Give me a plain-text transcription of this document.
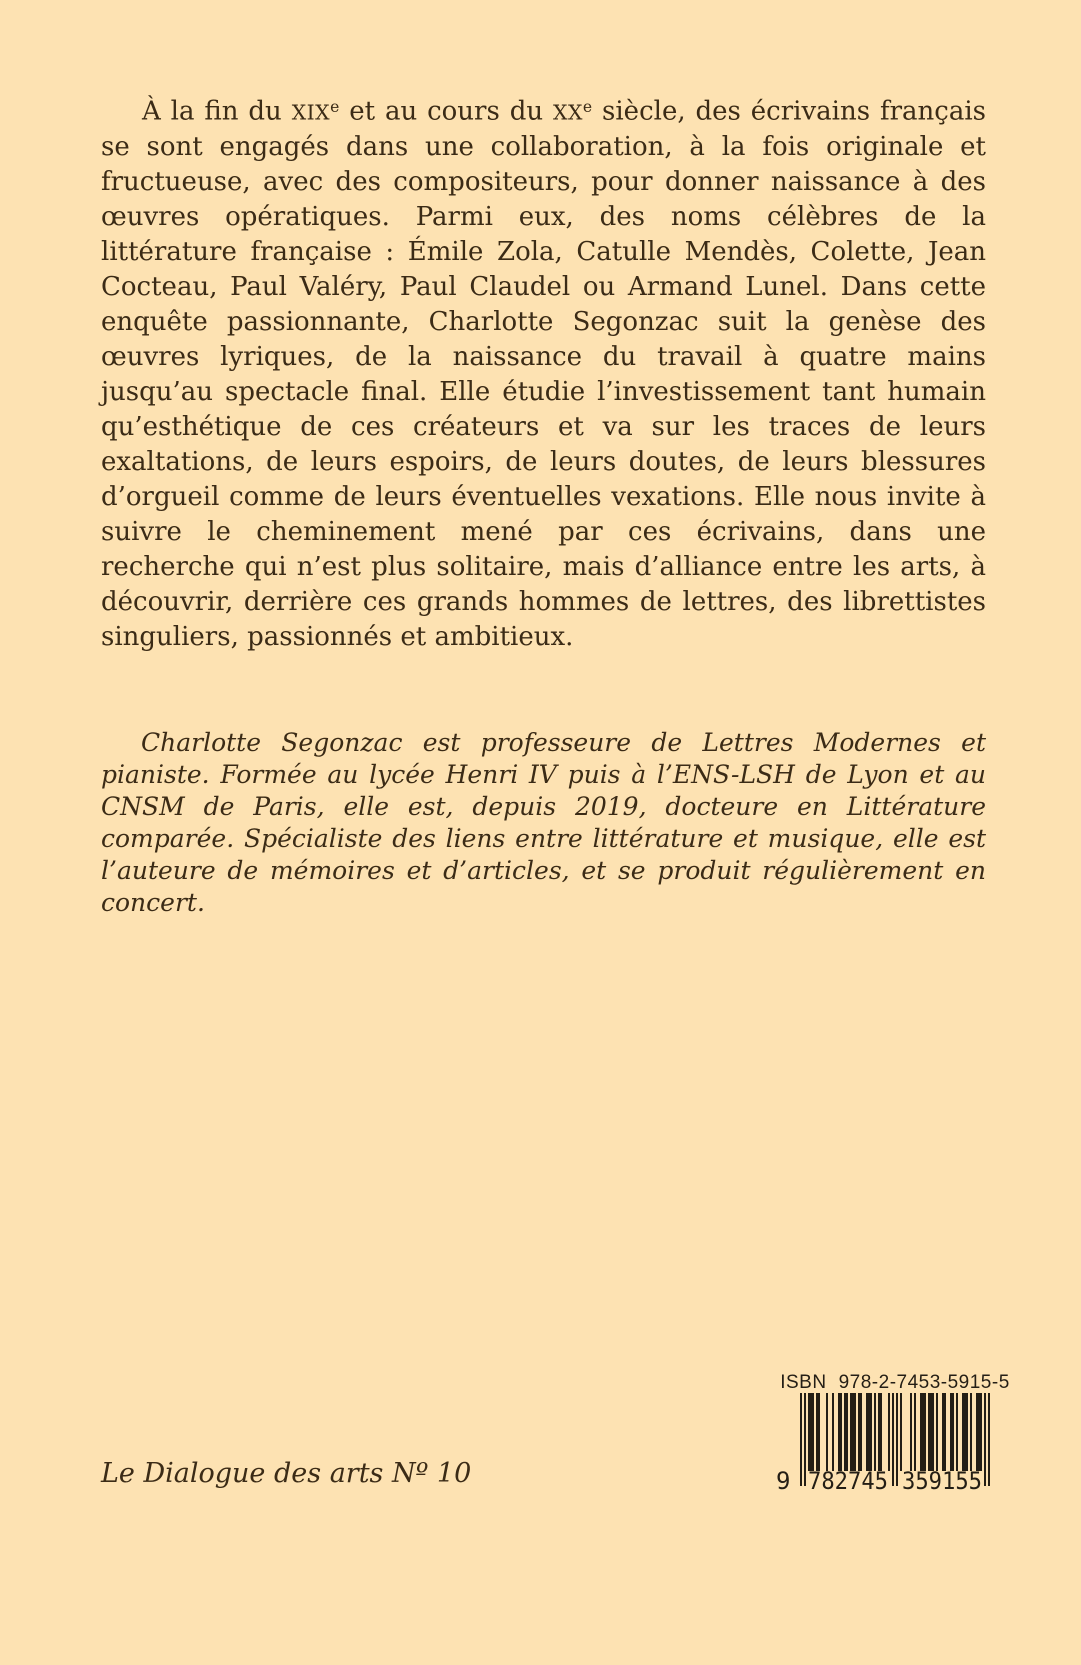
À la fin du XIXe et au cours du XXe siècle, des écrivains français se sont engagés dans une collaboration, à la fois originale et fructueuse, avec des compositeurs, pour donner naissance à des œuvres opératiques. Parmi eux, des noms célèbres de la littérature française : Émile Zola, Catulle Mendès, Colette, Jean Cocteau, Paul Valéry, Paul Claudel ou Armand Lunel. Dans cette enquête passionnante, Charlotte Segonzac suit la genèse des œuvres lyriques, de la naissance du travail à quatre mains jusqu’au spectacle final. Elle étudie l’investissement tant humain qu’esthétique de ces créateurs et va sur les traces de leurs exaltations, de leurs espoirs, de leurs doutes, de leurs blessures d’orgueil comme de leurs éventuelles vexations. Elle nous invite à suivre le cheminement mené par ces écrivains, dans une recherche qui n’est plus solitaire, mais d’alliance entre les arts, à découvrir, derrière ces grands hommes de lettres, des librettistes singuliers, passionnés et ambitieux.

Charlotte Segonzac est professeure de Lettres Modernes et pianiste. Formée au lycée Henri IV puis à l’ENS-LSH de Lyon et au CNSM de Paris, elle est, depuis 2019, docteure en Littérature comparée. Spécialiste des liens entre littérature et musique, elle est l’auteure de mémoires et d’articles, et se produit régulièrement en concert.

Le Dialogue des arts Nº 10

ISBN 978-2-7453-5915-5
9 782745 359155
